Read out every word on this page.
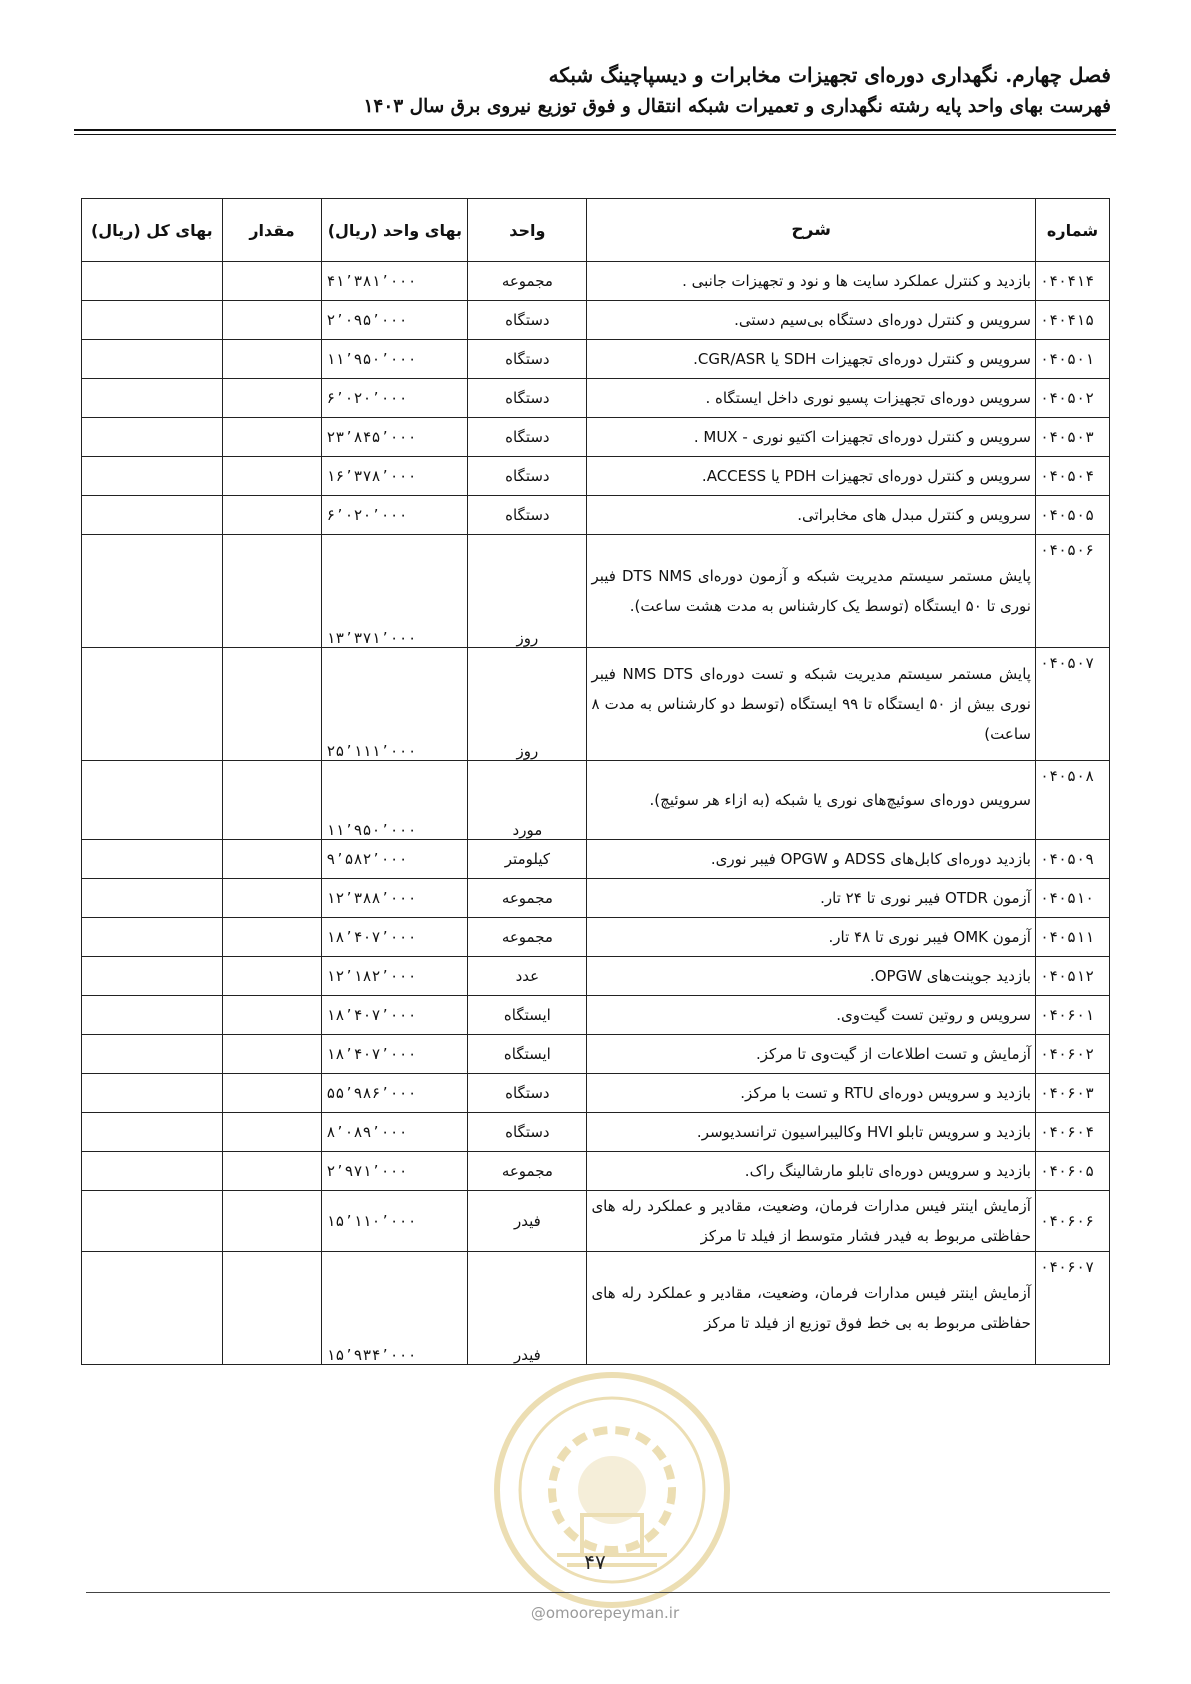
فصل چهارم. نگهداری دوره‌ای تجهیزات مخابرات و دیسپاچینگ شبکه
فهرست بهای واحد پایه رشته نگهداری و تعمیرات شبکه انتقال و فوق توزیع نیروی برق سال ۱۴۰۳
شماره	شرح	واحد	بهای واحد (ریال)	مقدار	بهای کل (ریال)
۰۴۰۴۱۴	بازدید و کنترل عملکرد سایت ها و نود و تجهیزات جانبی .	مجموعه	۴۱٬۳۸۱٬۰۰۰		
۰۴۰۴۱۵	سرویس و کنترل دوره‌ای دستگاه بی‌سیم دستی.	دستگاه	۲٬۰۹۵٬۰۰۰		
۰۴۰۵۰۱	سرویس و کنترل دوره‌ای تجهیزات SDH یا CGR/ASR.	دستگاه	۱۱٬۹۵۰٬۰۰۰		
۰۴۰۵۰۲	سرویس دوره‌ای تجهیزات پسیو نوری داخل ایستگاه .	دستگاه	۶٬۰۲۰٬۰۰۰		
۰۴۰۵۰۳	سرویس و کنترل دوره‌ای تجهیزات اکتیو نوری - MUX .	دستگاه	۲۳٬۸۴۵٬۰۰۰		
۰۴۰۵۰۴	سرویس و کنترل دوره‌ای تجهیزات PDH یا ACCESS.	دستگاه	۱۶٬۳۷۸٬۰۰۰		
۰۴۰۵۰۵	سرویس و کنترل مبدل های مخابراتی.	دستگاه	۶٬۰۲۰٬۰۰۰		
۰۴۰۵۰۶	پایش مستمر سیستم مدیریت شبکه و آزمون دوره‌ای DTS NMS فیبر نوری تا ۵۰ ایستگاه (توسط یک کارشناس به مدت هشت ساعت).	روز	۱۳٬۳۷۱٬۰۰۰		
۰۴۰۵۰۷	پایش مستمر سیستم مدیریت شبکه و تست دوره‌ای NMS DTS فیبر نوری بیش از ۵۰ ایستگاه تا ۹۹ ایستگاه (توسط دو کارشناس به مدت ۸ ساعت)	روز	۲۵٬۱۱۱٬۰۰۰		
۰۴۰۵۰۸	سرویس دوره‌ای سوئیچ‌های نوری یا شبکه (به ازاء هر سوئیچ).	مورد	۱۱٬۹۵۰٬۰۰۰		
۰۴۰۵۰۹	بازدید دوره‌ای کابل‌های ADSS و OPGW فیبر نوری.	کیلومتر	۹٬۵۸۲٬۰۰۰		
۰۴۰۵۱۰	آزمون OTDR فیبر نوری تا ۲۴ تار.	مجموعه	۱۲٬۳۸۸٬۰۰۰		
۰۴۰۵۱۱	آزمون OMK فیبر نوری تا ۴۸ تار.	مجموعه	۱۸٬۴۰۷٬۰۰۰		
۰۴۰۵۱۲	بازدید جوینت‌های OPGW.	عدد	۱۲٬۱۸۲٬۰۰۰		
۰۴۰۶۰۱	سرویس و روتین تست گیت‌وی.	ایستگاه	۱۸٬۴۰۷٬۰۰۰		
۰۴۰۶۰۲	آزمایش و تست اطلاعات از گیت‌وی تا مرکز.	ایستگاه	۱۸٬۴۰۷٬۰۰۰		
۰۴۰۶۰۳	بازدید و سرویس دوره‌ای RTU و تست با مرکز.	دستگاه	۵۵٬۹۸۶٬۰۰۰		
۰۴۰۶۰۴	بازدید و سرویس تابلو HVI وکالیبراسیون ترانسدیوسر.	دستگاه	۸٬۰۸۹٬۰۰۰		
۰۴۰۶۰۵	بازدید و سرویس دوره‌ای تابلو مارشالینگ راک.	مجموعه	۲٬۹۷۱٬۰۰۰		
۰۴۰۶۰۶	آزمایش اینتر فیس مدارات فرمان، وضعیت، مقادیر و عملکرد رله های حفاظتی مربوط به فیدر فشار متوسط از فیلد تا مرکز	فیدر	۱۵٬۱۱۰٬۰۰۰		
۰۴۰۶۰۷	آزمایش اینتر فیس مدارات فرمان، وضعیت، مقادیر و عملکرد رله های حفاظتی مربوط به بی خط فوق توزیع از فیلد تا مرکز	فیدر	۱۵٬۹۳۴٬۰۰۰		
۴۷
@omoorepeyman.ir
